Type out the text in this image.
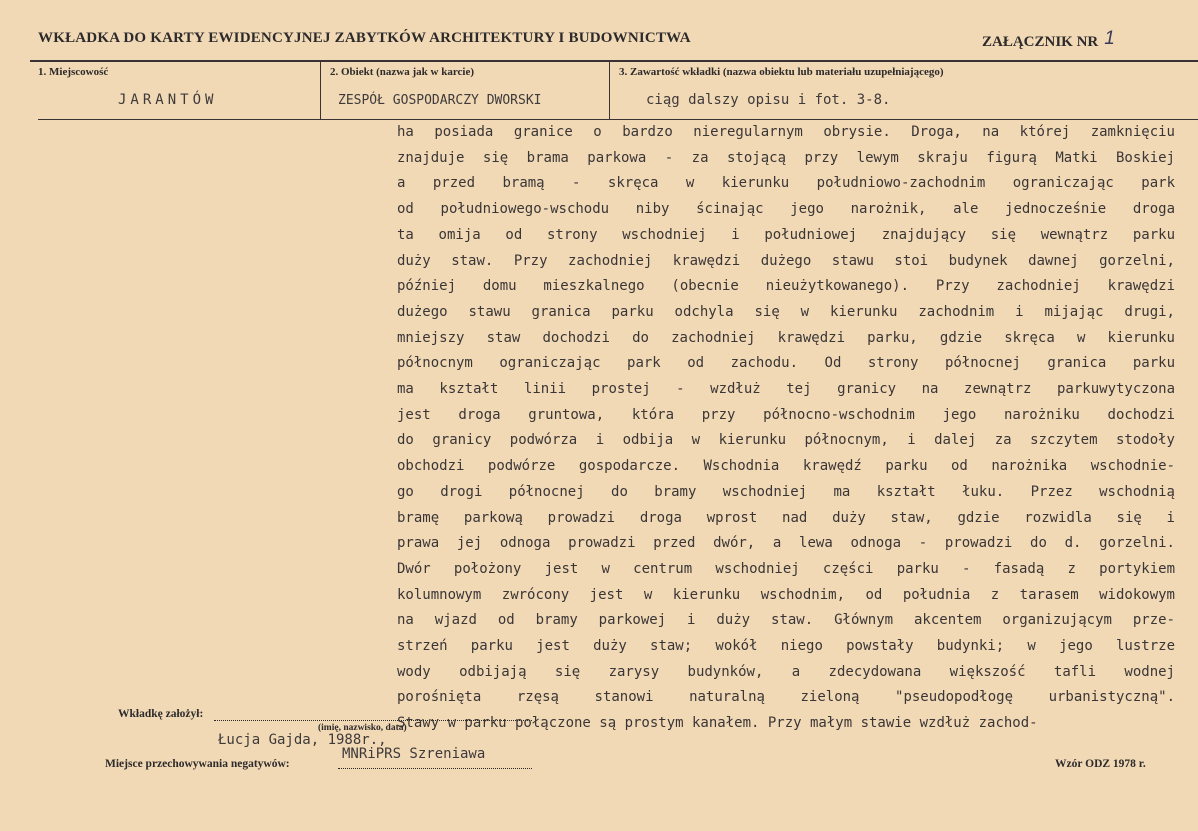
WKŁADKA DO KARTY EWIDENCYJNEJ ZABYTKÓW ARCHITEKTURY I BUDOWNICTWA	ZAŁĄCZNIK NR 1
1. Miejscowość	2. Obiekt (nazwa jak w karcie)	3. Zawartość wkładki (nazwa obiektu lub materiału uzupełniającego)
JARANTÓW	ZESPÓŁ GOSPODARCZY DWORSKI	ciąg dalszy opisu i fot. 3-8.
ha posiada granice o bardzo nieregularnym obrysie. Droga, na której zamknięciu
znajduje się brama parkowa - za stojącą przy lewym skraju figurą Matki Boskiej
a przed bramą - skręca w kierunku południowo-zachodnim ograniczając park
od południowego-wschodu niby ścinając jego narożnik, ale jednocześnie droga
ta omija od strony wschodniej i południowej znajdujący się wewnątrz parku
duży staw. Przy zachodniej krawędzi dużego stawu stoi budynek dawnej gorzelni,
później domu mieszkalnego (obecnie nieużytkowanego). Przy zachodniej krawędzi
dużego stawu granica parku odchyla się w kierunku zachodnim i mijając drugi,
mniejszy staw dochodzi do zachodniej krawędzi parku, gdzie skręca w kierunku
północnym ograniczając park od zachodu. Od strony północnej granica parku
ma kształt linii prostej - wzdłuż tej granicy na zewnątrz parkuwytyczona
jest droga gruntowa, która przy północno-wschodnim jego narożniku dochodzi
do granicy podwórza i odbija w kierunku północnym, i dalej za szczytem stodoły
obchodzi podwórze gospodarcze. Wschodnia krawędź parku od narożnika wschodnie-
go drogi północnej do bramy wschodniej ma kształt łuku. Przez wschodnią
bramę parkową prowadzi droga wprost nad duży staw, gdzie rozwidla się i
prawa jej odnoga prowadzi przed dwór, a lewa odnoga - prowadzi do d. gorzelni.
Dwór położony jest w centrum wschodniej części parku - fasadą z portykiem
kolumnowym zwrócony jest w kierunku wschodnim, od południa z tarasem widokowym
na wjazd od bramy parkowej i duży staw. Głównym akcentem organizującym prze-
strzeń parku jest duży staw; wokół niego powstały budynki; w jego lustrze
wody odbijają się zarysy budynków, a zdecydowana większość tafli wodnej
porośnięta rzęsą stanowi naturalną zieloną "pseudopodłogę urbanistyczną".
Stawy w parku połączone są prostym kanałem. Przy małym stawie wzdłuż zachod-
Wkładkę założył:
(imię, nazwisko, data)
Łucja Gajda, 1988r.,
Miejsce przechowywania negatywów:
MNRiPRS Szreniawa
Wzór ODZ 1978 r.
